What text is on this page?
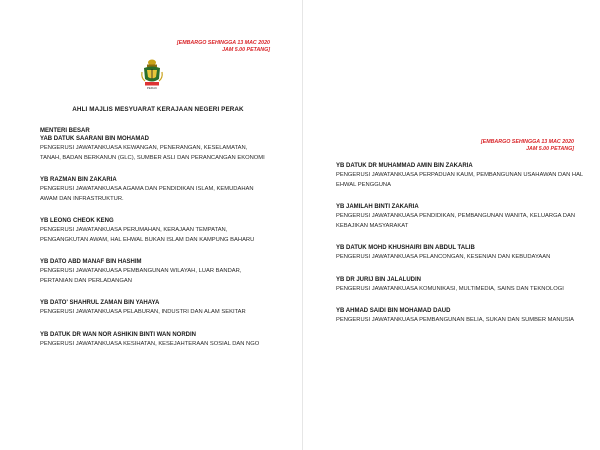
[EMBARGO SEHINGGA 13 MAC 2020
JAM 5.00 PETANG]
PERAK
AHLI MAJLIS MESYUARAT KERAJAAN NEGERI PERAK
MENTERI BESAR
YAB DATUK SAARANI BIN MOHAMAD
PENGERUSI JAWATANKUASA KEWANGAN, PENERANGAN, KESELAMATAN, TANAH, BADAN BERKANUN (GLC), SUMBER ASLI DAN PERANCANGAN EKONOMI
YB RAZMAN BIN ZAKARIA
PENGERUSI JAWATANKUASA AGAMA DAN PENDIDIKAN ISLAM, KEMUDAHAN AWAM DAN INFRASTRUKTUR.
YB LEONG CHEOK KENG
PENGERUSI JAWATANKUASA PERUMAHAN, KERAJAAN TEMPATAN, PENGANGKUTAN AWAM, HAL EHWAL BUKAN ISLAM DAN KAMPUNG BAHARU
YB DATO ABD MANAF BIN HASHIM
PENGERUSI JAWATANKUASA PEMBANGUNAN WILAYAH, LUAR BANDAR, PERTANIAN DAN PERLADANGAN
YB DATO' SHAHRUL ZAMAN BIN YAHAYA
PENGERUSI JAWATANKUASA PELABURAN, INDUSTRI DAN ALAM SEKITAR
YB DATUK DR WAN NOR ASHIKIN BINTI WAN NORDIN
PENGERUSI JAWATANKUASA KESIHATAN, KESEJAHTERAAN SOSIAL DAN NGO
[EMBARGO SEHINGGA 13 MAC 2020
JAM 5.00 PETANG]
YB DATUK DR MUHAMMAD AMIN BIN ZAKARIA
PENGERUSI JAWATANKUASA PERPADUAN KAUM, PEMBANGUNAN USAHAWAN DAN HAL EHWAL PENGGUNA
YB JAMILAH BINTI ZAKARIA
PENGERUSI JAWATANKUASA PENDIDIKAN, PEMBANGUNAN WANITA, KELUARGA DAN KEBAJIKAN MASYARAKAT
YB DATUK MOHD KHUSHAIRI BIN ABDUL TALIB
PENGERUSI JAWATANKUASA PELANCONGAN, KESENIAN DAN KEBUDAYAAN
YB DR JURIJ BIN JALALUDIN
PENGERUSI JAWATANKUASA KOMUNIKASI, MULTIMEDIA, SAINS DAN TEKNOLOGI
YB AHMAD SAIDI BIN MOHAMAD DAUD
PENGERUSI JAWATANKUASA PEMBANGUNAN BELIA, SUKAN DAN SUMBER MANUSIA
